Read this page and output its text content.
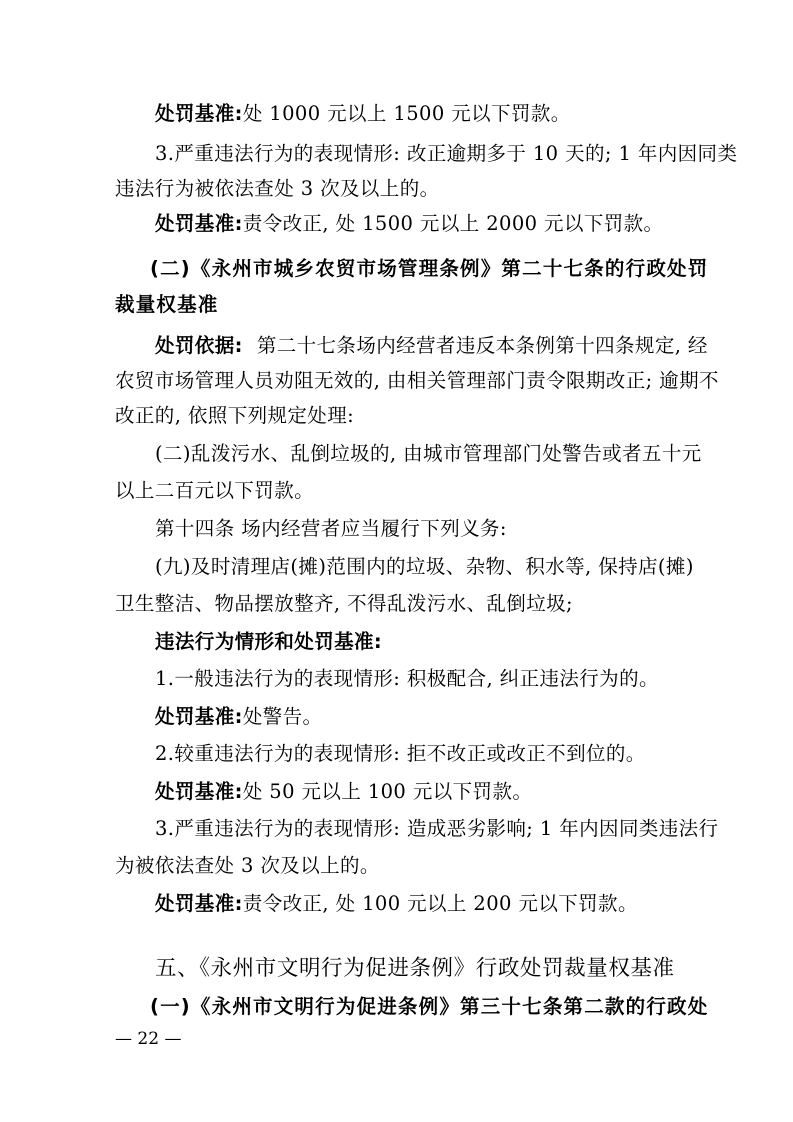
处罚基准:处 1000 元以上 1500 元以下罚款。
3.严重违法行为的表现情形: 改正逾期多于 10 天的; 1 年内因同类
违法行为被依法查处 3 次及以上的。
处罚基准:责令改正, 处 1500 元以上 2000 元以下罚款。
(二)《永州市城乡农贸市场管理条例》第二十七条的行政处罚
裁量权基准
处罚依据: 第二十七条场内经营者违反本条例第十四条规定, 经
农贸市场管理人员劝阻无效的, 由相关管理部门责令限期改正; 逾期不
改正的, 依照下列规定处理:
(二)乱泼污水、乱倒垃圾的, 由城市管理部门处警告或者五十元
以上二百元以下罚款。
第十四条 场内经营者应当履行下列义务:
(九)及时清理店(摊)范围内的垃圾、杂物、积水等, 保持店(摊)
卫生整洁、物品摆放整齐, 不得乱泼污水、乱倒垃圾;
违法行为情形和处罚基准:
1.一般违法行为的表现情形: 积极配合, 纠正违法行为的。
处罚基准:处警告。
2.较重违法行为的表现情形: 拒不改正或改正不到位的。
处罚基准:处 50 元以上 100 元以下罚款。
3.严重违法行为的表现情形: 造成恶劣影响; 1 年内因同类违法行
为被依法查处 3 次及以上的。
处罚基准:责令改正, 处 100 元以上 200 元以下罚款。
五、《永州市文明行为促进条例》行政处罚裁量权基准
(一)《永州市文明行为促进条例》第三十七条第二款的行政处
— 22 —
